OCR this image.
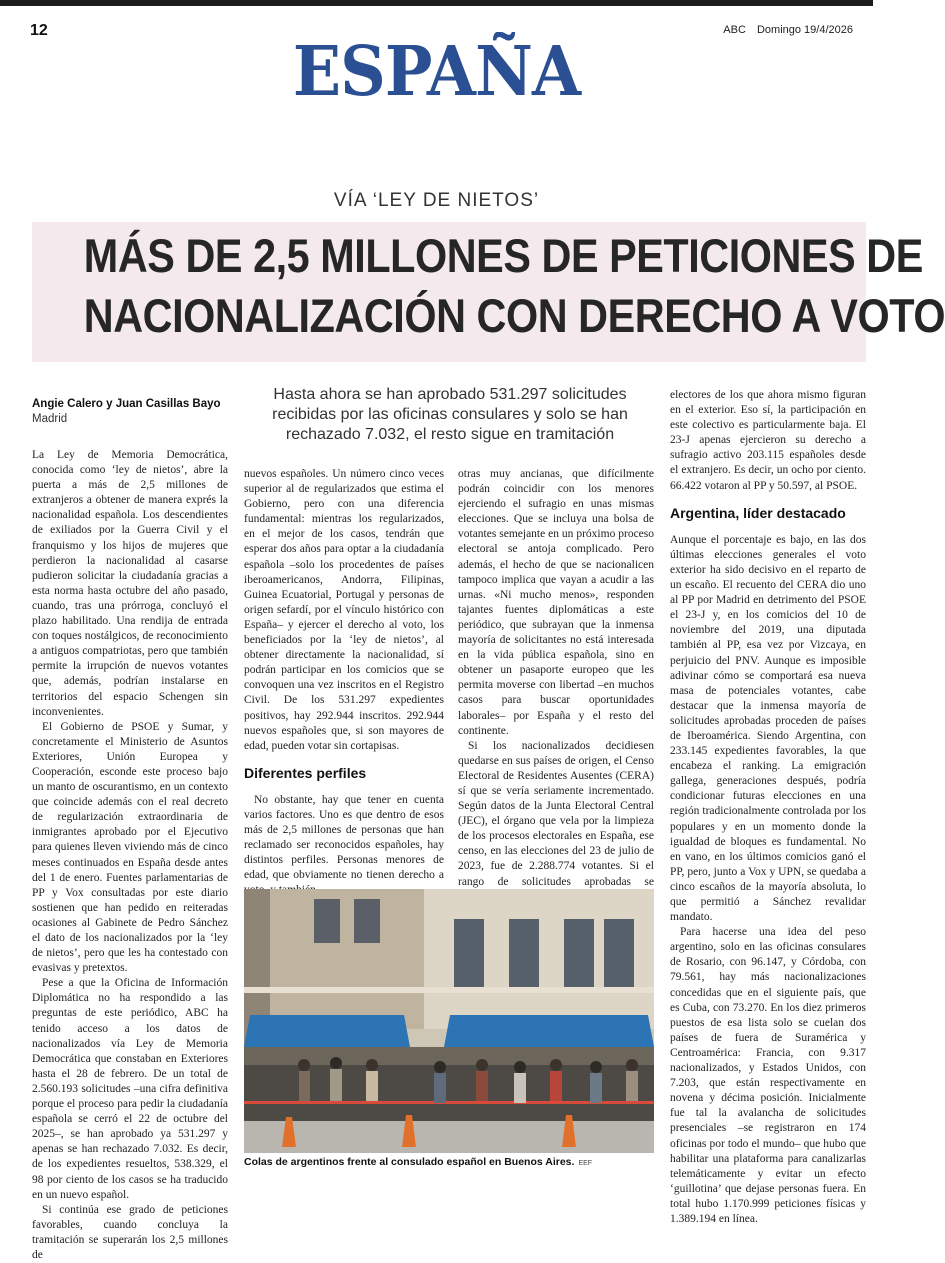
12	ABC Domingo 19/4/2026
ESPAÑA
VÍA ‘LEY DE NIETOS’
MÁS DE 2,5 MILLONES DE PETICIONES DE
NACIONALIZACIÓN CON DERECHO A VOTO
Angie Calero y Juan Casillas Bayo
Madrid
Hasta ahora se han aprobado 531.297 solicitudes recibidas por las oficinas consulares y solo se han rechazado 7.032, el resto sigue en tramitación

La Ley de Memoria Democrática, conocida como ‘ley de nietos’, abre la puerta a más de 2,5 millones de extranjeros a obtener de manera exprés la nacionalidad española. Los descendientes de exiliados por la Guerra Civil y el franquismo y los hijos de mujeres que perdieron la nacionalidad al casarse pudieron solicitar la ciudadanía gracias a esta norma hasta octubre del año pasado, cuando, tras una prórroga, concluyó el plazo habilitado. Una rendija de entrada con toques nostálgicos, de reconocimiento a antiguos compatriotas, pero que también permite la irrupción de nuevos votantes que, además, podrían instalarse en territorios del espacio Schengen sin inconvenientes.

El Gobierno de PSOE y Sumar, y concretamente el Ministerio de Asuntos Exteriores, Unión Europea y Cooperación, esconde este proceso bajo un manto de oscurantismo, en un contexto que coincide además con el real decreto de regularización extraordinaria de inmigrantes aprobado por el Ejecutivo para quienes lleven viviendo más de cinco meses continuados en España desde antes del 1 de enero. Fuentes parlamentarias de PP y Vox consultadas por este diario sostienen que han pedido en reiteradas ocasiones al Gabinete de Pedro Sánchez el dato de los nacionalizados por la ‘ley de nietos’, pero que les ha contestado con evasivas y pretextos.

Pese a que la Oficina de Información Diplomática no ha respondido a las preguntas de este periódico, ABC ha tenido acceso a los datos de nacionalizados vía Ley de Memoria Democrática que constaban en Exteriores hasta el 28 de febrero. De un total de 2.560.193 solicitudes –una cifra definitiva porque el proceso para pedir la ciudadanía española se cerró el 22 de octubre del 2025–, se han aprobado ya 531.297 y apenas se han rechazado 7.032. Es decir, de los expedientes resueltos, 538.329, el 98 por ciento de los casos se ha traducido en un nuevo español.

Si continúa ese grado de peticiones favorables, cuando concluya la tramitación se superarán los 2,5 millones de

nuevos españoles. Un número cinco veces superior al de regularizados que estima el Gobierno, pero con una diferencia fundamental: mientras los regularizados, en el mejor de los casos, tendrán que esperar dos años para optar a la ciudadanía española –solo los procedentes de países iberoamericanos, Andorra, Filipinas, Guinea Ecuatorial, Portugal y personas de origen sefardí, por el vínculo histórico con España– y ejercer el derecho al voto, los beneficiados por la ‘ley de nietos’, al obtener directamente la nacionalidad, sí podrán participar en los comicios que se convoquen una vez inscritos en el Registro Civil. De los 531.297 expedientes positivos, hay 292.944 inscritos. 292.944 nuevos españoles que, si son mayores de edad, pueden votar sin cortapisas.

Diferentes perfiles

No obstante, hay que tener en cuenta varios factores. Uno es que dentro de esos más de 2,5 millones de personas que han reclamado ser reconocidos españoles, hay distintos perfiles. Personas menores de edad, que obviamente no tienen derecho a

otras muy ancianas, que difícilmente podrán coincidir con los menores ejerciendo el sufragio en unas mismas elecciones. Que se incluya una bolsa de votantes semejante en un próximo proceso electoral se antoja complicado. Pero además, el hecho de que se nacionalicen tampoco implica que vayan a acudir a las urnas. «Ni mucho menos», responden tajantes fuentes diplomáticas a este periódico, que subrayan que la inmensa mayoría de solicitantes no está interesada en la vida pública española, sino en obtener un pasaporte europeo que les permita moverse con libertad –en muchos casos para buscar oportunidades laborales– por España y el resto del continente.

Si los nacionalizados decidiesen quedarse en sus países de origen, el Censo Electoral de Residentes Ausentes (CERA) sí que se vería seriamente incrementado. Según datos de la Junta Electoral Central (JEC), el órgano que vela por la limpieza de los procesos electorales en España, ese censo, en las elecciones del 23 de julio de 2023, fue de 2.288.774 votantes. Si el rango de solicitudes aprobadas se

electores de los que ahora mismo figuran en el exterior. Eso sí, la participación en este colectivo es particularmente baja. El 23-J apenas ejercieron su derecho a sufragio activo 203.115 españoles desde el extranjero. Es decir, un ocho por ciento. 66.422 votaron al PP y 50.597, al PSOE.

Argentina, líder destacado

Aunque el porcentaje es bajo, en las dos últimas elecciones generales el voto exterior ha sido decisivo en el reparto de un escaño. El recuento del CERA dio uno al PP por Madrid en detrimento del PSOE el 23-J y, en los comicios del 10 de noviembre del 2019, una diputada también al PP, esa vez por Vizcaya, en perjuicio del PNV. Aunque es imposible adivinar cómo se comportará esa nueva masa de potenciales votantes, cabe destacar que la inmensa mayoría de solicitudes aprobadas proceden de países de Iberoamérica. Siendo Argentina, con 233.145 expedientes favorables, la que encabeza el ranking. La emigración gallega, generaciones después, podría condicionar futuras elecciones en una región tradicionalmente controlada por los populares y en un momento donde la igualdad de bloques es fundamental. No en vano, en los últimos comicios ganó el PP, pero, junto a Vox y UPN, se quedaba a cinco escaños de la mayoría absoluta, lo que permitió a Sánchez revalidar mandato.

Para hacerse una idea del peso argentino, solo en las oficinas consulares de Rosario, con 96.147, y Córdoba, con 79.561, hay más nacionalizaciones concedidas que en el siguiente país, que es Cuba, con 73.270. En los diez primeros puestos de esa lista solo se cuelan dos países de fuera de Suramérica y Centroamérica: Francia, con 9.317 nacionalizados, y Estados Unidos, con 7.203, que están respectivamente en novena y décima posición. Inicialmente fue tal la avalancha de solicitudes presenciales –se registraron en 174 oficinas por todo el mundo– que hubo que habilitar una plataforma para canalizarlas telemáticamente y evitar un efecto ‘guillotina’ que dejase personas fuera. En total hubo 1.170.999 peticiones físicas y 1.389.194 en línea.

Colas de argentinos frente al consulado español en Buenos Aires. EEF
